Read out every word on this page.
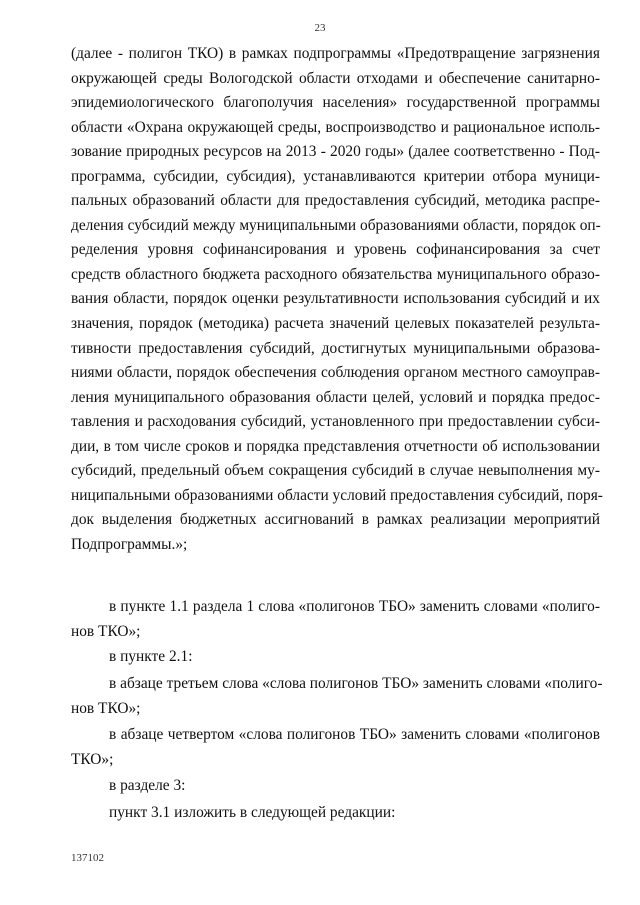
23
(далее - полигон ТКО) в рамках подпрограммы «Предотвращение загрязнения
окружающей среды Вологодской области отходами и обеспечение санитарно-
эпидемиологического благополучия населения» государственной программы
области «Охрана окружающей среды, воспроизводство и рациональное исполь-
зование природных ресурсов на 2013 - 2020 годы» (далее соответственно - Под-
программа, субсидии, субсидия), устанавливаются критерии отбора муници-
пальных образований области для предоставления субсидий, методика распре-
деления субсидий между муниципальными образованиями области, порядок оп-
ределения уровня софинансирования и уровень софинансирования за счет
средств областного бюджета расходного обязательства муниципального образо-
вания области, порядок оценки результативности использования субсидий и их
значения, порядок (методика) расчета значений целевых показателей результа-
тивности предоставления субсидий, достигнутых муниципальными образова-
ниями области, порядок обеспечения соблюдения органом местного самоуправ-
ления муниципального образования области целей, условий и порядка предос-
тавления и расходования субсидий, установленного при предоставлении субси-
дии, в том числе сроков и порядка представления отчетности об использовании
субсидий, предельный объем сокращения субсидий в случае невыполнения му-
ниципальными образованиями области условий предоставления субсидий, поря-
док выделения бюджетных ассигнований в рамках реализации мероприятий
Подпрограммы.»;
в пункте 1.1 раздела 1 слова «полигонов ТБО» заменить словами «полиго-
нов ТКО»;
в пункте 2.1:
в абзаце третьем слова «слова полигонов ТБО» заменить словами «полиго-
нов ТКО»;
в абзаце четвертом «слова полигонов ТБО» заменить словами «полигонов
ТКО»;
в разделе 3:
пункт 3.1 изложить в следующей редакции:
137102
